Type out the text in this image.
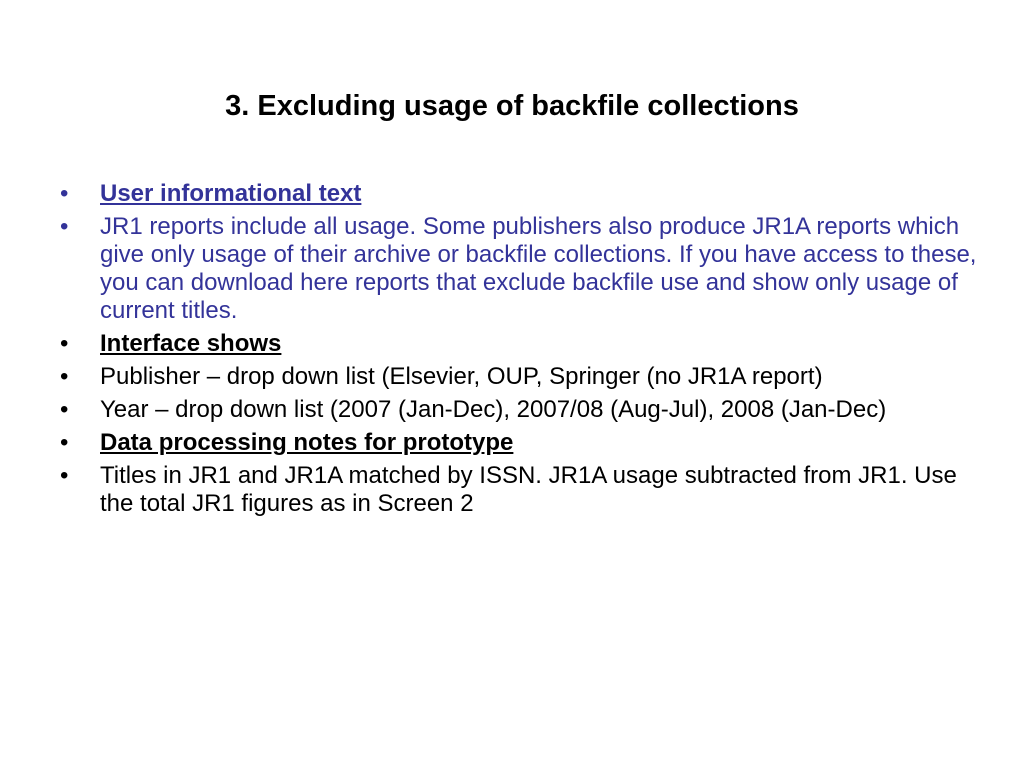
3. Excluding usage of backfile collections
•	User informational text
•	JR1 reports include all usage. Some publishers also produce JR1A reports which give only usage of their archive or backfile collections. If you have access to these, you can download here reports that exclude backfile use and show only usage of current titles.
•	Interface shows
•	Publisher – drop down list (Elsevier, OUP, Springer (no JR1A report)
•	Year – drop down list (2007 (Jan-Dec), 2007/08 (Aug-Jul), 2008 (Jan-Dec)
•	Data processing notes for prototype
•	Titles in JR1 and JR1A matched by ISSN. JR1A usage subtracted from JR1. Use the total JR1 figures as in Screen 2
